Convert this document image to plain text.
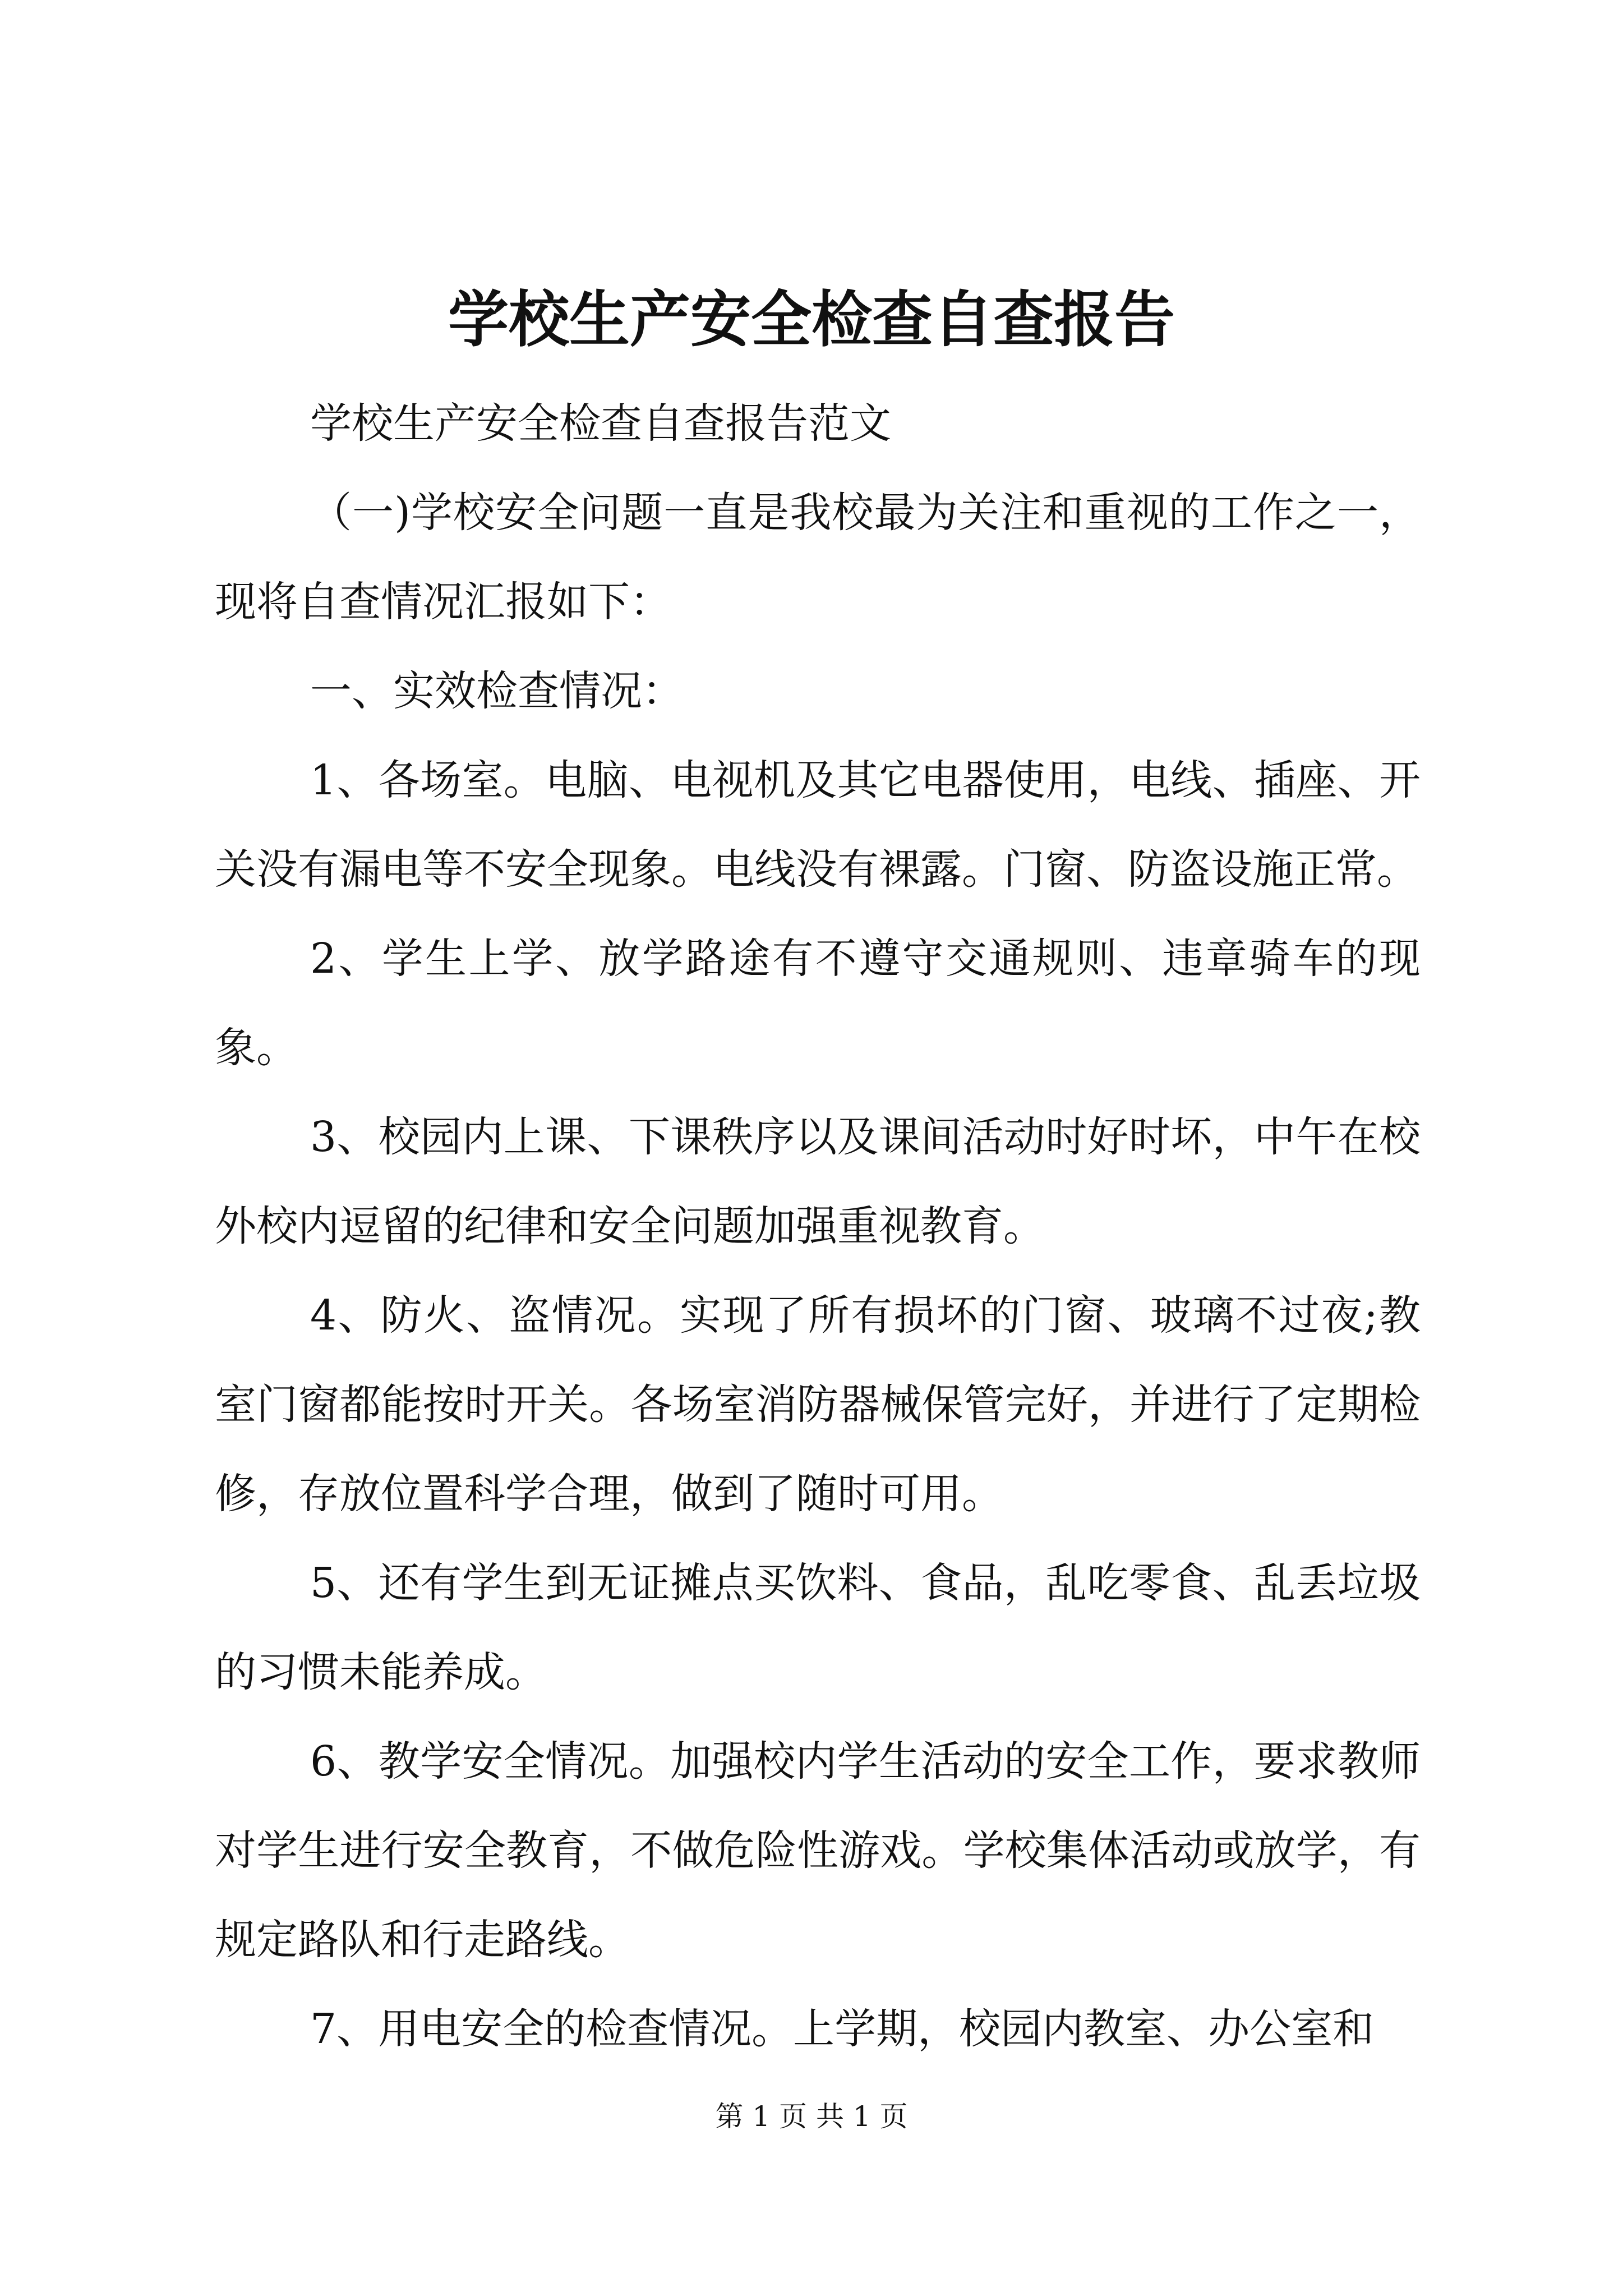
学校生产安全检查自查报告

学校生产安全检查自查报告范文

（一)学校安全问题一直是我校最为关注和重视的工作之一，现将自查情况汇报如下：

一、实效检查情况：

1、各场室。电脑、电视机及其它电器使用，电线、插座、开关没有漏电等不安全现象。电线没有裸露。门窗、防盗设施正常。

2、学生上学、放学路途有不遵守交通规则、违章骑车的现象。

3、校园内上课、下课秩序以及课间活动时好时坏，中午在校外校内逗留的纪律和安全问题加强重视教育。

4、防火、盗情况。实现了所有损坏的门窗、玻璃不过夜;教室门窗都能按时开关。各场室消防器械保管完好，并进行了定期检修，存放位置科学合理，做到了随时可用。

5、还有学生到无证摊点买饮料、食品，乱吃零食、乱丢垃圾的习惯未能养成。

6、教学安全情况。加强校内学生活动的安全工作，要求教师对学生进行安全教育，不做危险性游戏。学校集体活动或放学，有规定路队和行走路线。

7、用电安全的检查情况。上学期，校园内教室、办公室和

第 1 页 共 1 页
